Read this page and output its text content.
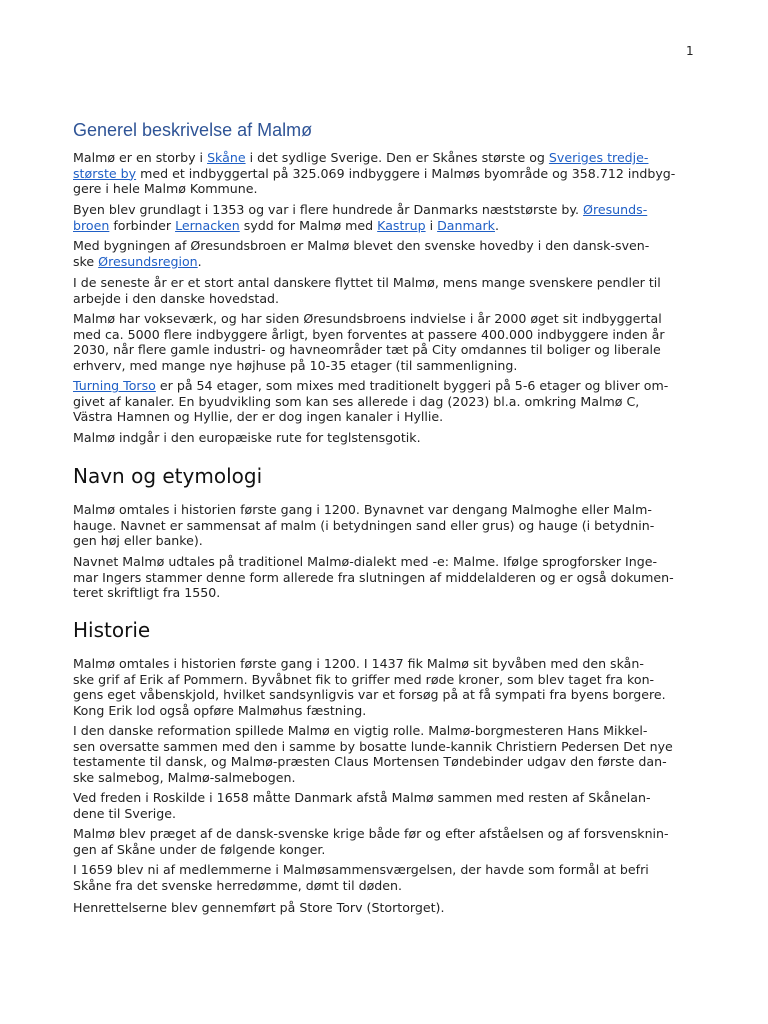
1
Generel beskrivelse af Malmø
Malmø er en storby i Skåne i det sydlige Sverige. Den er Skånes største og Sveriges tredje-
største by med et indbyggertal på 325.069 indbyggere i Malmøs byområde og 358.712 indbyg-
gere i hele Malmø Kommune.
Byen blev grundlagt i 1353 og var i flere hundrede år Danmarks næststørste by. Øresunds-
broen forbinder Lernacken sydd for Malmø med Kastrup i Danmark.
Med bygningen af Øresundsbroen er Malmø blevet den svenske hovedby i den dansk-sven-
ske Øresundsregion.
I de seneste år er et stort antal danskere flyttet til Malmø, mens mange svenskere pendler til
arbejde i den danske hovedstad.
Malmø har vokseværk, og har siden Øresundsbroens indvielse i år 2000 øget sit indbyggertal
med ca. 5000 flere indbyggere årligt, byen forventes at passere 400.000 indbyggere inden år
2030, når flere gamle industri- og havneområder tæt på City omdannes til boliger og liberale
erhverv, med mange nye højhuse på 10-35 etager (til sammenligning.
Turning Torso er på 54 etager, som mixes med traditionelt byggeri på 5-6 etager og bliver om-
givet af kanaler. En byudvikling som kan ses allerede i dag (2023) bl.a. omkring Malmø C,
Västra Hamnen og Hyllie, der er dog ingen kanaler i Hyllie.
Malmø indgår i den europæiske rute for teglstensgotik.
Navn og etymologi
Malmø omtales i historien første gang i 1200. Bynavnet var dengang Malmoghe eller Malm-
hauge. Navnet er sammensat af malm (i betydningen sand eller grus) og hauge (i betydnin-
gen høj eller banke).
Navnet Malmø udtales på traditionel Malmø-dialekt med -e: Malme. Ifølge sprogforsker Inge-
mar Ingers stammer denne form allerede fra slutningen af middelalderen og er også dokumen-
teret skriftligt fra 1550.
Historie
Malmø omtales i historien første gang i 1200. I 1437 fik Malmø sit byvåben med den skån-
ske grif af Erik af Pommern. Byvåbnet fik to griffer med røde kroner, som blev taget fra kon-
gens eget våbenskjold, hvilket sandsynligvis var et forsøg på at få sympati fra byens borgere.
Kong Erik lod også opføre Malmøhus fæstning.
I den danske reformation spillede Malmø en vigtig rolle. Malmø-borgmesteren Hans Mikkel-
sen oversatte sammen med den i samme by bosatte lunde-kannik Christiern Pedersen Det nye
testamente til dansk, og Malmø-præsten Claus Mortensen Tøndebinder udgav den første dan-
ske salmebog, Malmø-salmebogen.
Ved freden i Roskilde i 1658 måtte Danmark afstå Malmø sammen med resten af Skånelan-
dene til Sverige.
Malmø blev præget af de dansk-svenske krige både før og efter afståelsen og af forsvensknin-
gen af Skåne under de følgende konger.
I 1659 blev ni af medlemmerne i Malmøsammensværgelsen, der havde som formål at befri
Skåne fra det svenske herredømme, dømt til døden.
Henrettelserne blev gennemført på Store Torv (Stortorget).
